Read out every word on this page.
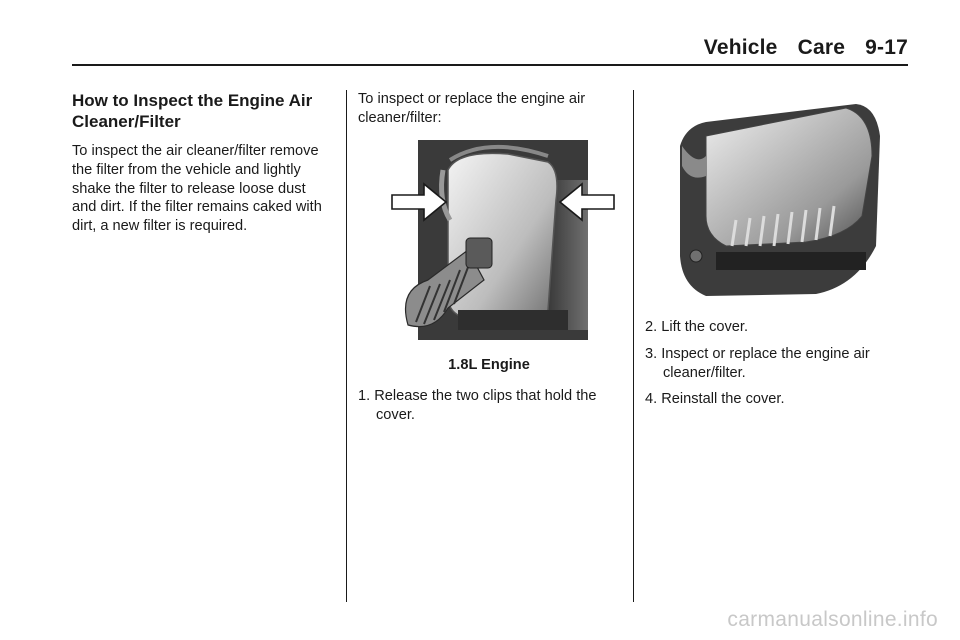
Vehicle Care 9-17
How to Inspect the Engine Air Cleaner/Filter

To inspect the air cleaner/filter remove the filter from the vehicle and lightly shake the filter to release loose dust and dirt. If the filter remains caked with dirt, a new filter is required.

To inspect or replace the engine air cleaner/filter:

1.8L Engine

1. Release the two clips that hold the cover.
2. Lift the cover.
3. Inspect or replace the engine air cleaner/filter.
4. Reinstall the cover.
carmanualsonline.info
